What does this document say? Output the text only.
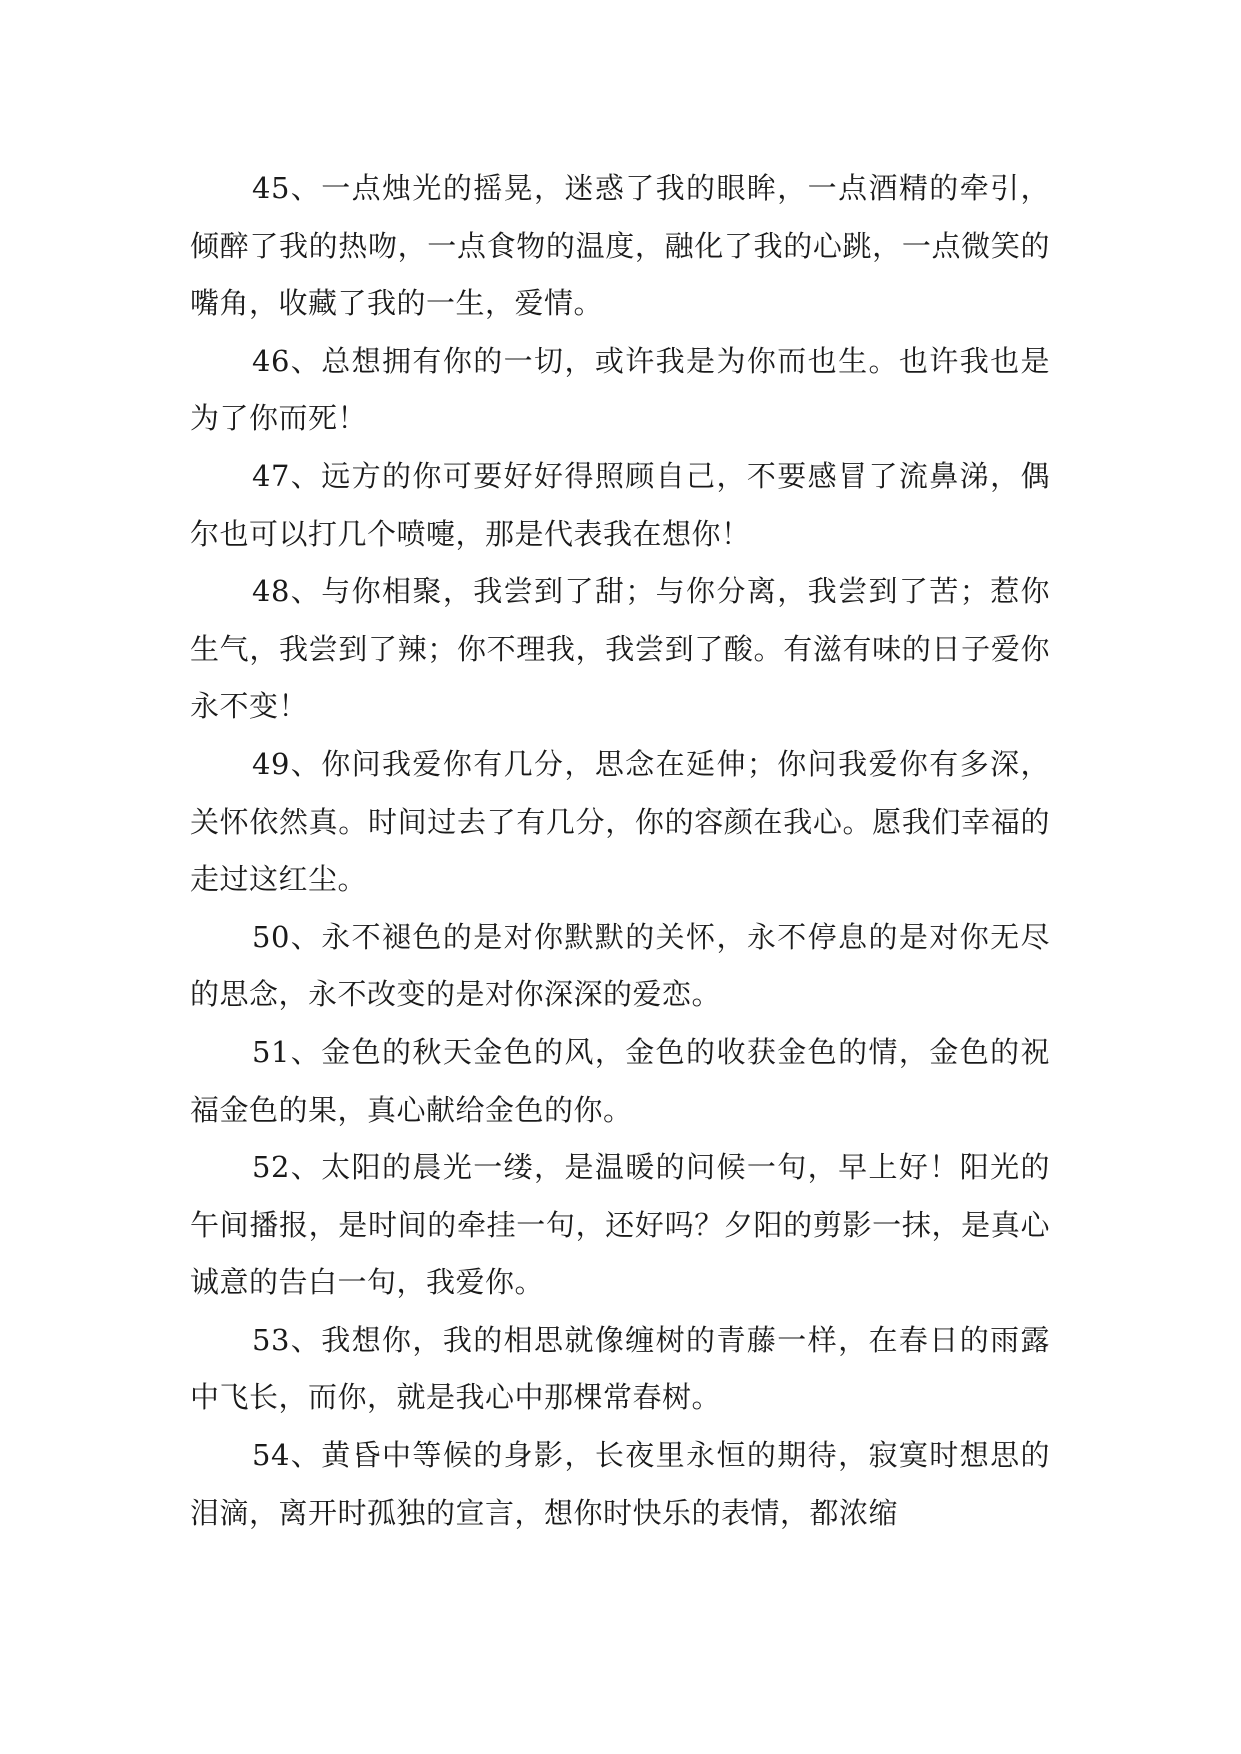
45、一点烛光的摇晃，迷惑了我的眼眸，一点酒精的牵引，倾醉了我的热吻，一点食物的温度，融化了我的心跳，一点微笑的嘴角，收藏了我的一生，爱情。

46、总想拥有你的一切，或许我是为你而也生。也许我也是为了你而死！

47、远方的你可要好好得照顾自己，不要感冒了流鼻涕，偶尔也可以打几个喷嚏，那是代表我在想你！

48、与你相聚，我尝到了甜；与你分离，我尝到了苦；惹你生气，我尝到了辣；你不理我，我尝到了酸。有滋有味的日子爱你永不变！

49、你问我爱你有几分，思念在延伸；你问我爱你有多深，关怀依然真。时间过去了有几分，你的容颜在我心。愿我们幸福的走过这红尘。

50、永不褪色的是对你默默的关怀，永不停息的是对你无尽的思念，永不改变的是对你深深的爱恋。

51、金色的秋天金色的风，金色的收获金色的情，金色的祝福金色的果，真心献给金色的你。

52、太阳的晨光一缕，是温暖的问候一句，早上好！阳光的午间播报，是时间的牵挂一句，还好吗？夕阳的剪影一抹，是真心诚意的告白一句，我爱你。

53、我想你，我的相思就像缠树的青藤一样，在春日的雨露中飞长，而你，就是我心中那棵常春树。

54、黄昏中等候的身影，长夜里永恒的期待，寂寞时想思的泪滴，离开时孤独的宣言，想你时快乐的表情，都浓缩
